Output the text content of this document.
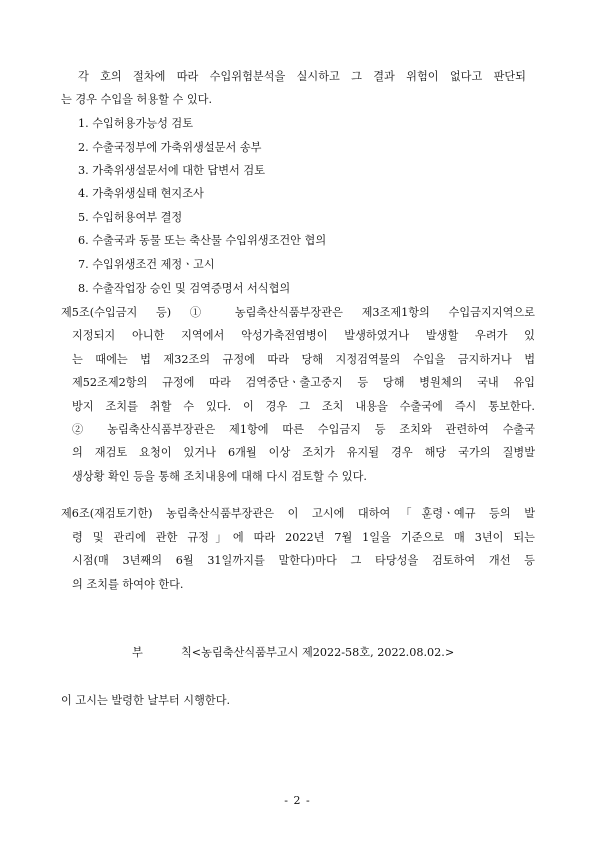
각 호의 절차에 따라 수입위험분석을 실시하고 그 결과 위험이 없다고 판단되
는 경우 수입을 허용할 수 있다.
1. 수입허용가능성 검토
2. 수출국정부에 가축위생설문서 송부
3. 가축위생설문서에 대한 답변서 검토
4. 가축위생실태 현지조사
5. 수입허용여부 결정
6. 수출국과 동물 또는 축산물 수입위생조건안 협의
7. 수입위생조건 제정ㆍ고시
8. 수출작업장 승인 및 검역증명서 서식협의
제5조(수입금지 등) ① 농림축산식품부장관은 제3조제1항의 수입금지지역으로
지정되지 아니한 지역에서 악성가축전염병이 발생하였거나 발생할 우려가 있
는 때에는 법 제32조의 규정에 따라 당해 지정검역물의 수입을 금지하거나 법
제52조제2항의 규정에 따라 검역중단ㆍ출고중지 등 당해 병원체의 국내 유입
방지 조치를 취할 수 있다. 이 경우 그 조치 내용을 수출국에 즉시 통보한다.
② 농림축산식품부장관은 제1항에 따른 수입금지 등 조치와 관련하여 수출국
의 재검토 요청이 있거나 6개월 이상 조치가 유지될 경우 해당 국가의 질병발
생상황 확인 등을 통해 조치내용에 대해 다시 검토할 수 있다.
제6조(재검토기한) 농림축산식품부장관은 이 고시에 대하여「훈령ㆍ예규 등의 발
령 및 관리에 관한 규정」에 따라 2022년 7월 1일을 기준으로 매 3년이 되는
시점(매 3년째의 6월 31일까지를 말한다)마다 그 타당성을 검토하여 개선 등
의 조치를 하여야 한다.
부	칙<농림축산식품부고시 제2022-58호, 2022.08.02.>
이 고시는 발령한 날부터 시행한다.
- 2 -
